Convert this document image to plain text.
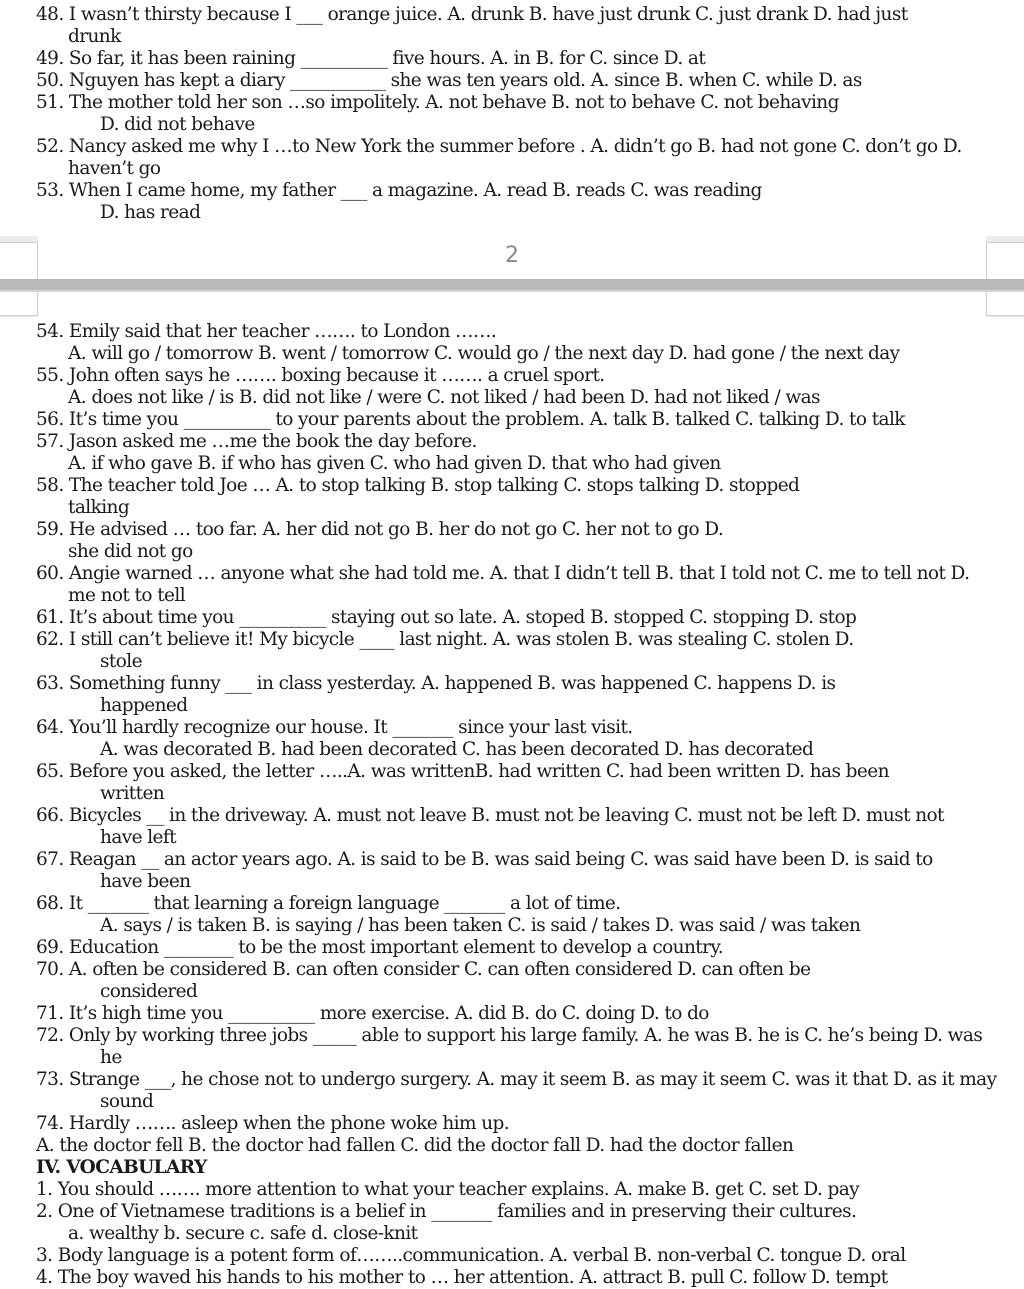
2
48. I wasn’t thirsty because I ___ orange juice. A. drunk B. have just drunk C. just drank D. had just
drunk
49. So far, it has been raining __________ five hours. A. in B. for C. since D. at
50. Nguyen has kept a diary ___________ she was ten years old. A. since B. when C. while D. as
51. The mother told her son …so impolitely. A. not behave B. not to behave C. not behaving
D. did not behave
52. Nancy asked me why I …to New York the summer before . A. didn’t go B. had not gone C. don’t go D.
haven’t go
53. When I came home, my father ___ a magazine. A. read B. reads C. was reading
D. has read
54. Emily said that her teacher ……. to London …….
A. will go / tomorrow B. went / tomorrow C. would go / the next day D. had gone / the next day
55. John often says he ……. boxing because it ……. a cruel sport.
A. does not like / is B. did not like / were C. not liked / had been D. had not liked / was
56. It’s time you __________ to your parents about the problem. A. talk B. talked C. talking D. to talk
57. Jason asked me …me the book the day before.
A. if who gave B. if who has given C. who had given D. that who had given
58. The teacher told Joe … A. to stop talking B. stop talking C. stops talking D. stopped
talking
59. He advised … too far. A. her did not go B. her do not go C. her not to go D.
she did not go
60. Angie warned … anyone what she had told me. A. that I didn’t tell B. that I told not C. me to tell not D.
me not to tell
61. It’s about time you __________ staying out so late. A. stoped B. stopped C. stopping D. stop
62. I still can’t believe it! My bicycle ____ last night. A. was stolen B. was stealing C. stolen D.
stole
63. Something funny ___ in class yesterday. A. happened B. was happened C. happens D. is
happened
64. You’ll hardly recognize our house. It _______ since your last visit.
A. was decorated B. had been decorated C. has been decorated D. has decorated
65. Before you asked, the letter …..A. was writtenB. had written C. had been written D. has been
written
66. Bicycles __ in the driveway. A. must not leave B. must not be leaving C. must not be left D. must not
have left
67. Reagan __ an actor years ago. A. is said to be B. was said being C. was said have been D. is said to
have been
68. It _______ that learning a foreign language _______ a lot of time.
A. says / is taken B. is saying / has been taken C. is said / takes D. was said / was taken
69. Education ________ to be the most important element to develop a country.
70. A. often be considered B. can often consider C. can often considered D. can often be
considered
71. It’s high time you __________ more exercise. A. did B. do C. doing D. to do
72. Only by working three jobs _____ able to support his large family. A. he was B. he is C. he’s being D. was
he
73. Strange ___, he chose not to undergo surgery. A. may it seem B. as may it seem C. was it that D. as it may
sound
74. Hardly ……. asleep when the phone woke him up.
A. the doctor fell B. the doctor had fallen C. did the doctor fall D. had the doctor fallen
IV. VOCABULARY
1. You should ……. more attention to what your teacher explains. A. make B. get C. set D. pay
2. One of Vietnamese traditions is a belief in _______ families and in preserving their cultures.
a. wealthy b. secure c. safe d. close-knit
3. Body language is a potent form of……..communication. A. verbal B. non-verbal C. tongue D. oral
4. The boy waved his hands to his mother to … her attention. A. attract B. pull C. follow D. tempt
